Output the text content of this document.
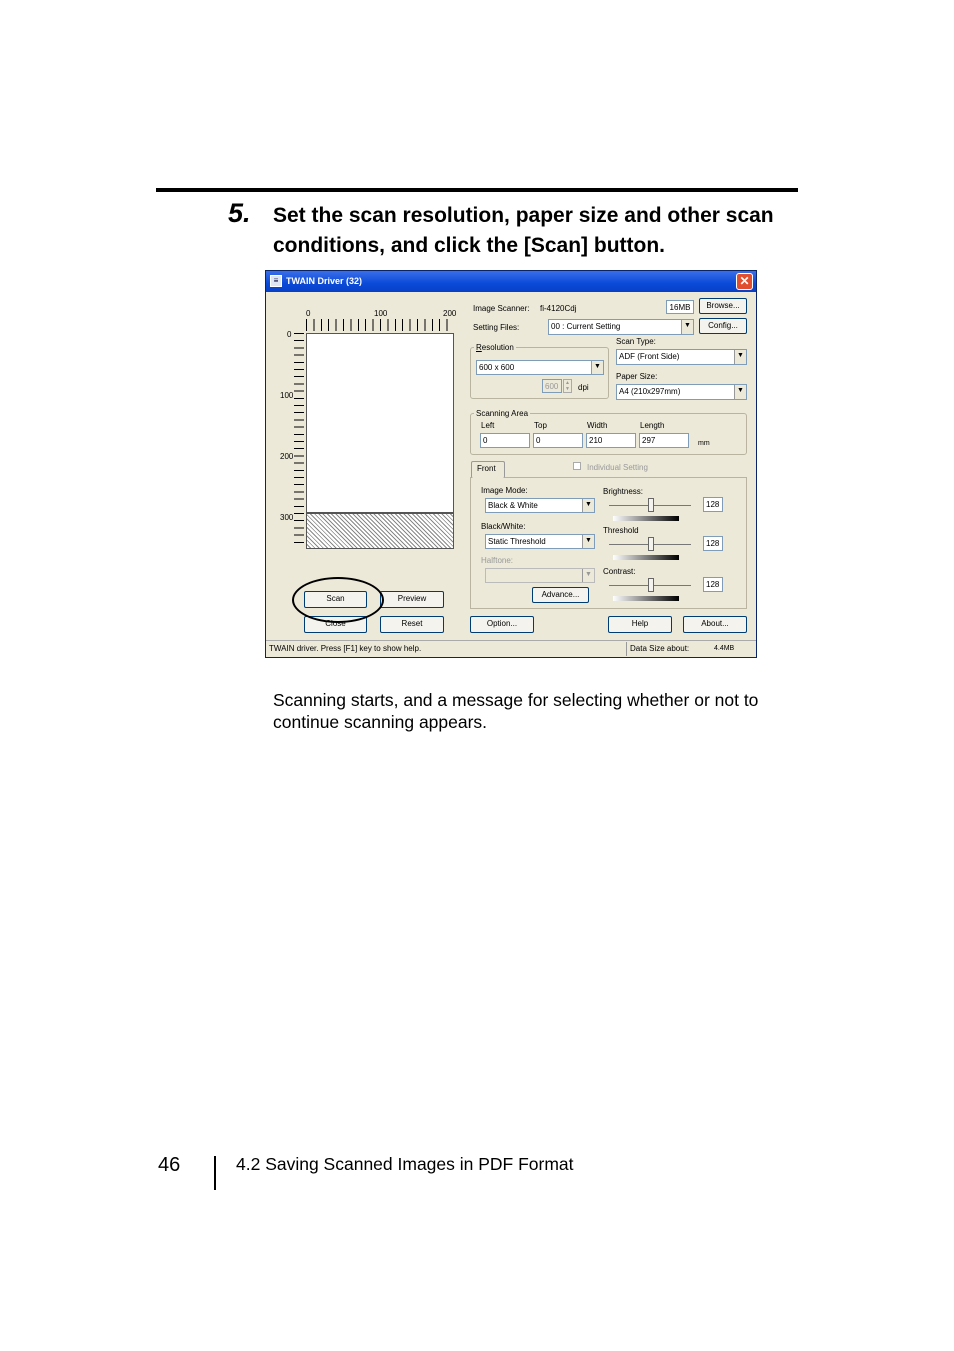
5. Set the scan resolution, paper size and other scan conditions, and click the [Scan] button.
≡ TWAIN Driver (32)	✕
0	100	200
0
100
200
300
Image Scanner: fi-4120Cdj	16MB	Browse...
Setting Files:	00 : Current Setting	▼	Config...
Resolution
600 x 600	▼
600	▲
▼ dpi
Scan Type:
ADF (Front Side)	▼
Paper Size:
A4 (210x297mm)	▼
Scanning Area
Left
0
Top
0
Width
210
Length
297	mm
Front	Individual Setting
Image Mode:
Black & White	▼
Black/White:
Static Threshold	▼
Halftone:
▼
Brightness:
128
Threshold
128
Contrast:
128
Advance...
Scan	Preview
Close	Reset	Option...	Help	About...
TWAIN driver. Press [F1] key to show help.	Data Size about:	4.4MB
Scanning starts, and a message for selecting whether or not to continue scanning appears.
46	4.2 Saving Scanned Images in PDF Format
